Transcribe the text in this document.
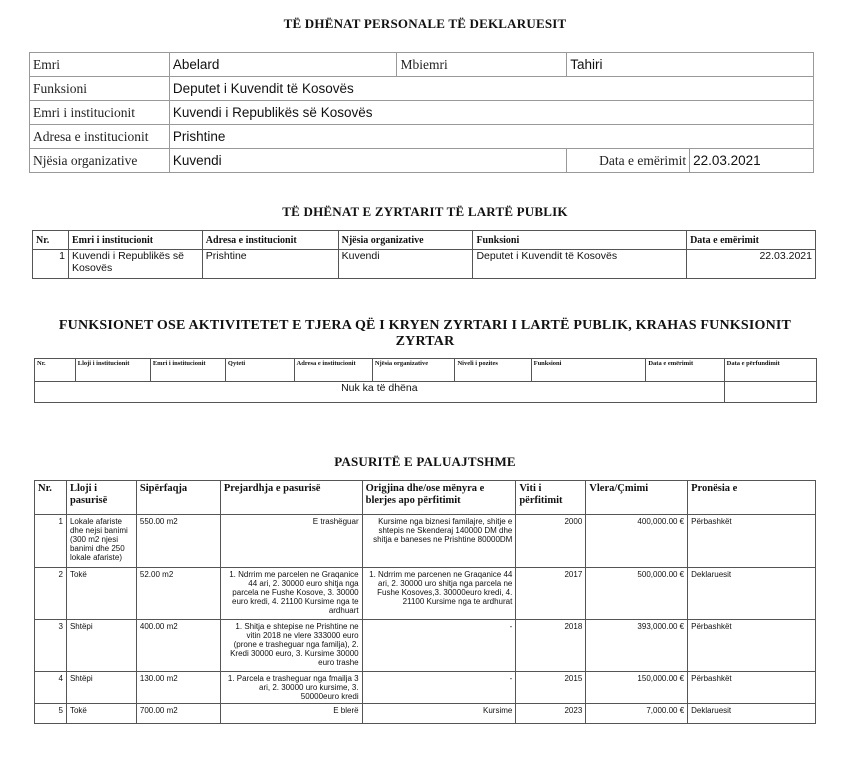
TË DHËNAT PERSONALE TË DEKLARUESIT
Emri	Abelard	Mbiemri	Tahiri	
Funksioni	Deputet i Kuvendit të Kosovës			
Emri i institucionit	Kuvendi i Republikës së Kosovës			
Adresa e institucionit	Prishtine			
Njësia organizative	Kuvendi		Data e emërimit	22.03.2021
TË DHËNAT E ZYRTARIT TË LARTË PUBLIK
Nr.	Emri i institucionit	Adresa e institucionit	Njësia organizative	Funksioni	Data e emërimit
1	Kuvendi i Republikës së Kosovës	Prishtine	Kuvendi	Deputet i Kuvendit të Kosovës	22.03.2021
FUNKSIONET OSE AKTIVITETET E TJERA QË I KRYEN ZYRTARI I LARTË PUBLIK, KRAHAS FUNKSIONIT
ZYRTAR
Nr.	Lloji i institucionit	Emri i institucionit	Qyteti	Adresa e institucionit	Njësia organizative	Niveli i pozites	Funksioni	Data e emërimit	Data e përfundimit
Nuk ka të dhëna									
PASURITË E PALUAJTSHME
Nr.	Lloji i pasurisë	Sipërfaqja	Prejardhja e pasurisë	Origjina dhe/ose mënyra e blerjes apo përfitimit	Viti i përfitimit	Vlera/Çmimi	Pronësia e
1	Lokale afariste dhe nejsi banimi (300 m2 njesi banimi dhe 250 lokale afariste)	550.00 m2	E trashëguar	Kursime nga biznesi familajre, shitje e shtepis ne Skenderaj 140000 DM dhe shitja e baneses ne Prishtine 80000DM	2000	400,000.00 €	Përbashkët
2	Tokë	52.00 m2	1. Ndrrim me parcelen ne Graqanice 44 ari, 2. 30000 euro shitja nga parcela ne Fushe Kosove, 3. 30000 euro kredi, 4. 21100 Kursime nga te ardhuart	1. Ndrrim me parcenen ne Graqanice 44 ari, 2. 30000 uro shitja nga parcela ne Fushe Kosoves,3. 30000euro kredi, 4. 21100 Kursime nga te ardhurat	2017	500,000.00 €	Deklaruesit
3	Shtëpi	400.00 m2	1. Shitja e shtepise ne Prishtine ne vitin 2018 ne vlere 333000 euro (prone e trasheguar nga familja), 2. Kredi 30000 euro, 3. Kursime 30000 euro trashe	-	2018	393,000.00 €	Përbashkët
4	Shtëpi	130.00 m2	1. Parcela e trasheguar nga fmailja 3 ari, 2. 30000 uro kursime, 3. 50000euro kredi	-	2015	150,000.00 €	Përbashkët
5	Tokë	700.00 m2	E blerë	Kursime	2023	7,000.00 €	Deklaruesit
